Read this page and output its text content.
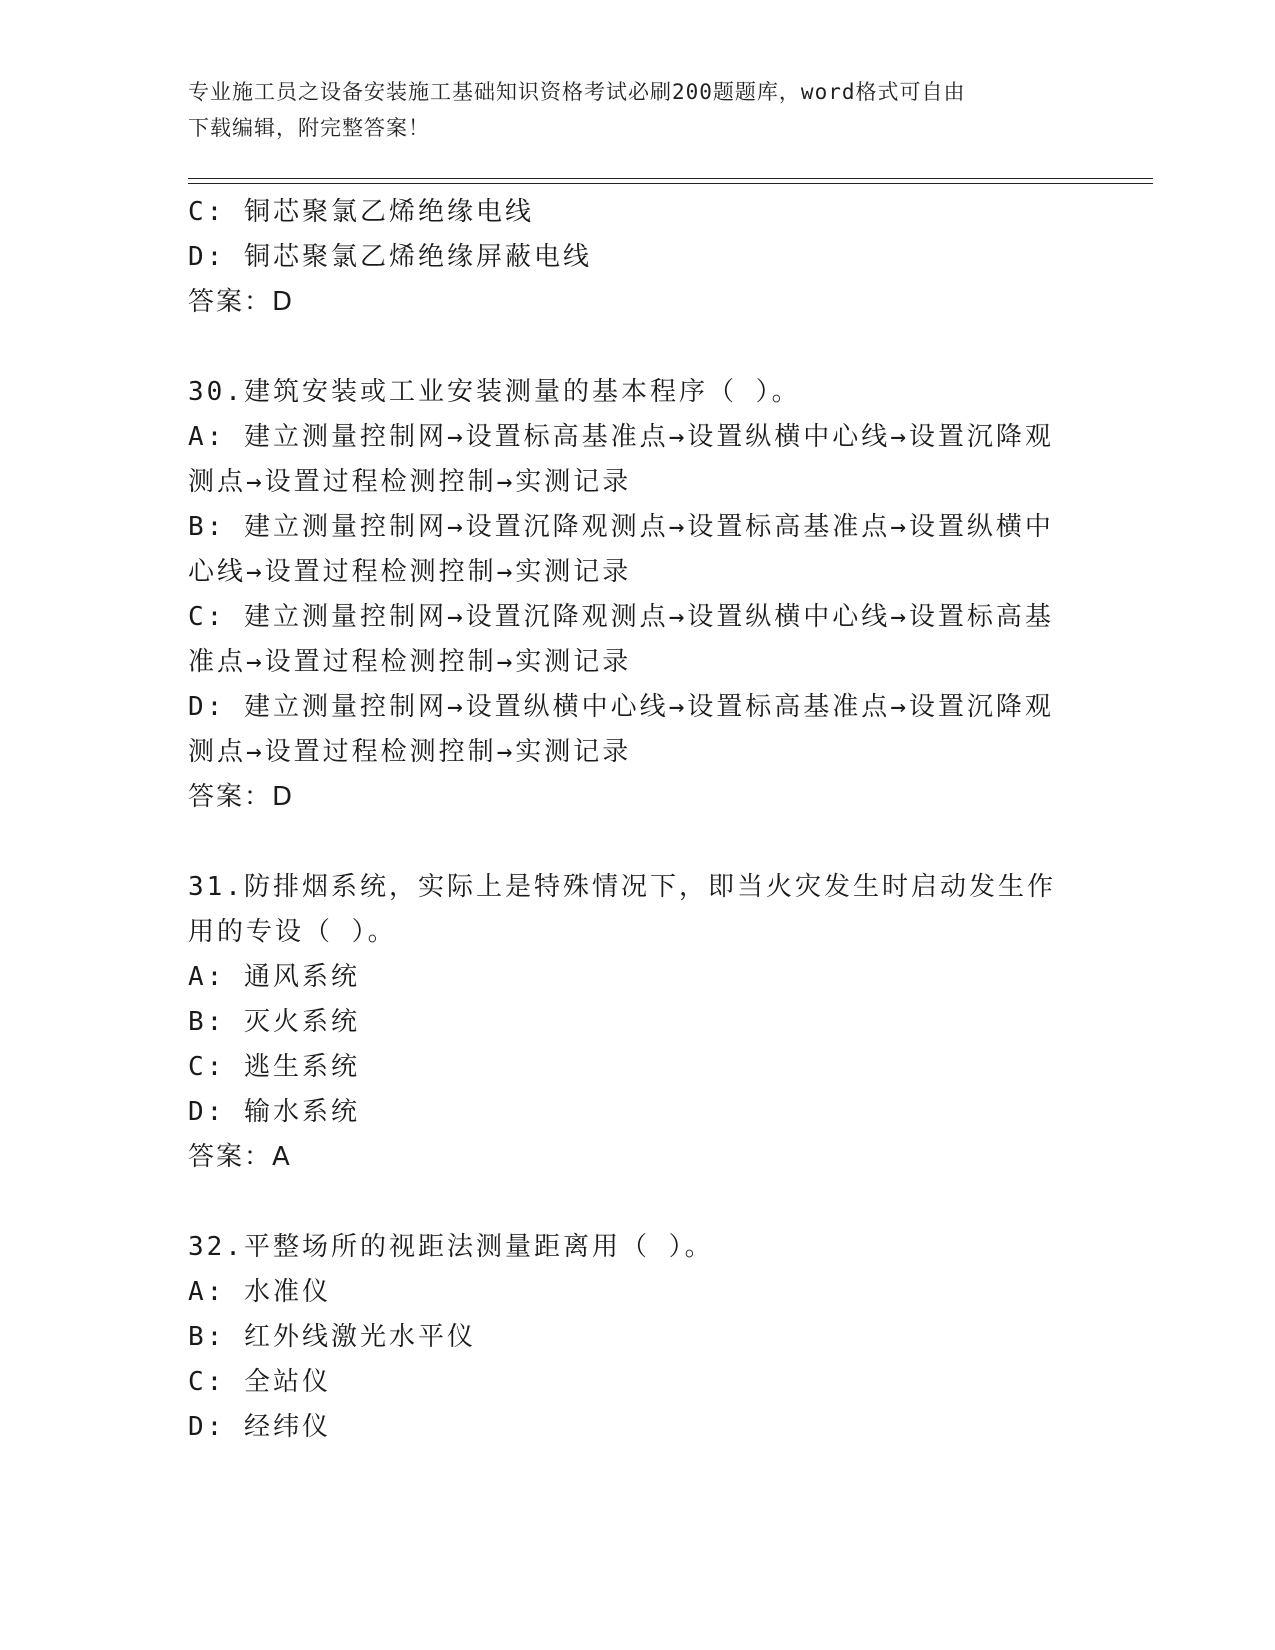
专业施工员之设备安装施工基础知识资格考试必刷200题题库，word格式可自由
下载编辑，附完整答案！
C: 铜芯聚氯乙烯绝缘电线
D: 铜芯聚氯乙烯绝缘屏蔽电线
答案：D
30.建筑安装或工业安装测量的基本程序（ ）。
A: 建立测量控制网→设置标高基准点→设置纵横中心线→设置沉降观测点→设置过程检测控制→实测记录
B: 建立测量控制网→设置沉降观测点→设置标高基准点→设置纵横中心线→设置过程检测控制→实测记录
C: 建立测量控制网→设置沉降观测点→设置纵横中心线→设置标高基准点→设置过程检测控制→实测记录
D: 建立测量控制网→设置纵横中心线→设置标高基准点→设置沉降观测点→设置过程检测控制→实测记录
答案：D
31.防排烟系统，实际上是特殊情况下，即当火灾发生时启动发生作用的专设（ ）。
A: 通风系统
B: 灭火系统
C: 逃生系统
D: 输水系统
答案：A
32.平整场所的视距法测量距离用（ ）。
A: 水准仪
B: 红外线激光水平仪
C: 全站仪
D: 经纬仪
